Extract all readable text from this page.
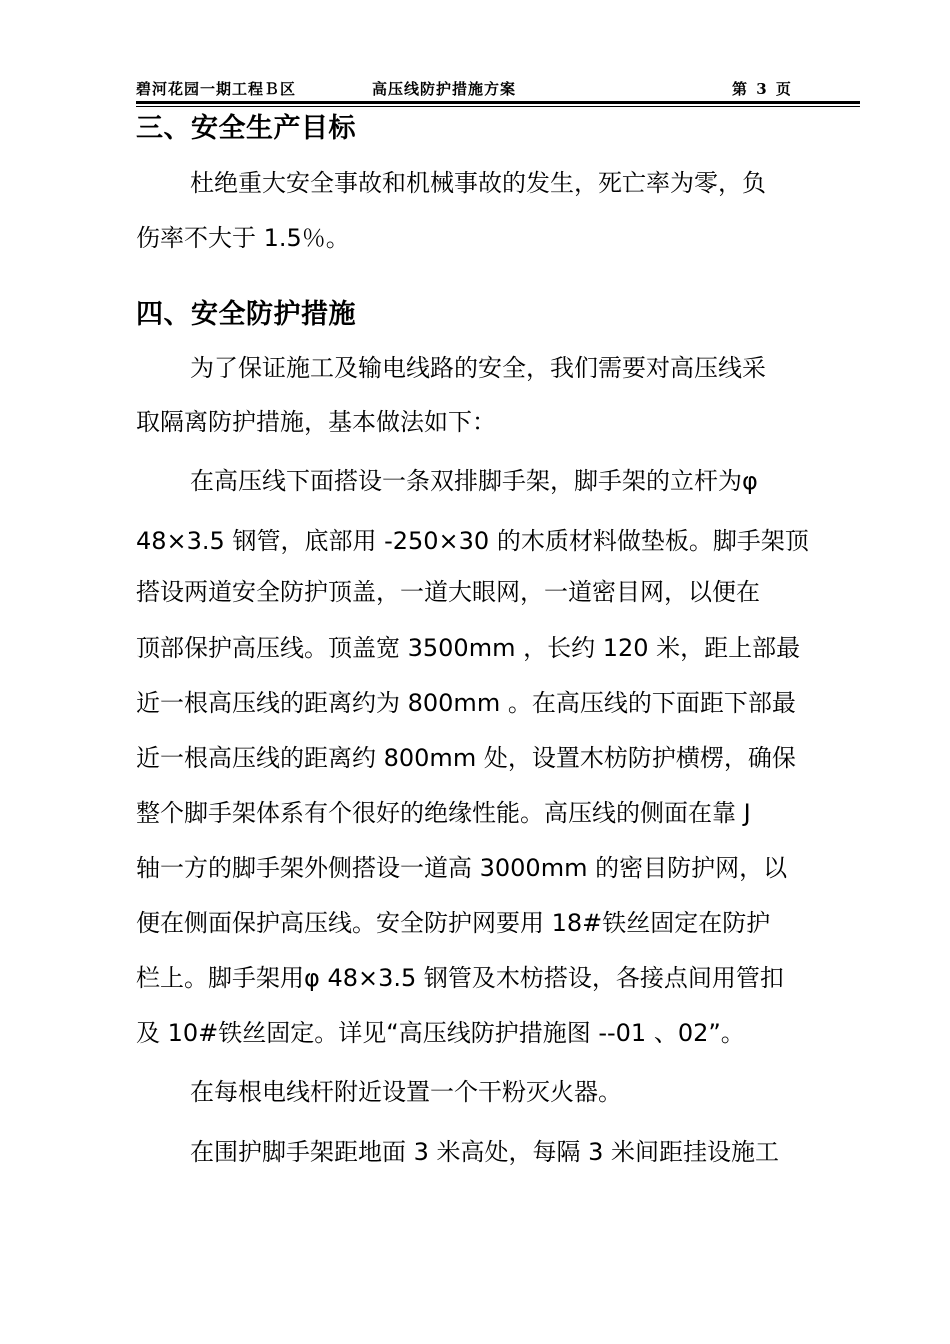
碧河花园一期工程Ｂ区	高压线防护措施方案	第 3 页
三、安全生产目标
杜绝重大安全事故和机械事故的发生，死亡率为零，负
伤率不大于 1.5％。
四、安全防护措施
为了保证施工及输电线路的安全，我们需要对高压线采
取隔离防护措施，基本做法如下：
在高压线下面搭设一条双排脚手架，脚手架的立杆为φ
48×3.5 钢管，底部用 -250×30 的木质材料做垫板。脚手架顶
搭设两道安全防护顶盖，一道大眼网，一道密目网，以便在
顶部保护高压线。顶盖宽 3500mm ，长约 120 米，距上部最
近一根高压线的距离约为 800mm 。在高压线的下面距下部最
近一根高压线的距离约 800mm 处，设置木枋防护横楞，确保
整个脚手架体系有个很好的绝缘性能。高压线的侧面在靠 J
轴一方的脚手架外侧搭设一道高 3000mm 的密目防护网，以
便在侧面保护高压线。安全防护网要用 18#铁丝固定在防护
栏上。脚手架用φ 48×3.5 钢管及木枋搭设，各接点间用管扣
及 10#铁丝固定。详见“高压线防护措施图 --01 、02”。
在每根电线杆附近设置一个干粉灭火器。
在围护脚手架距地面 3 米高处，每隔 3 米间距挂设施工
